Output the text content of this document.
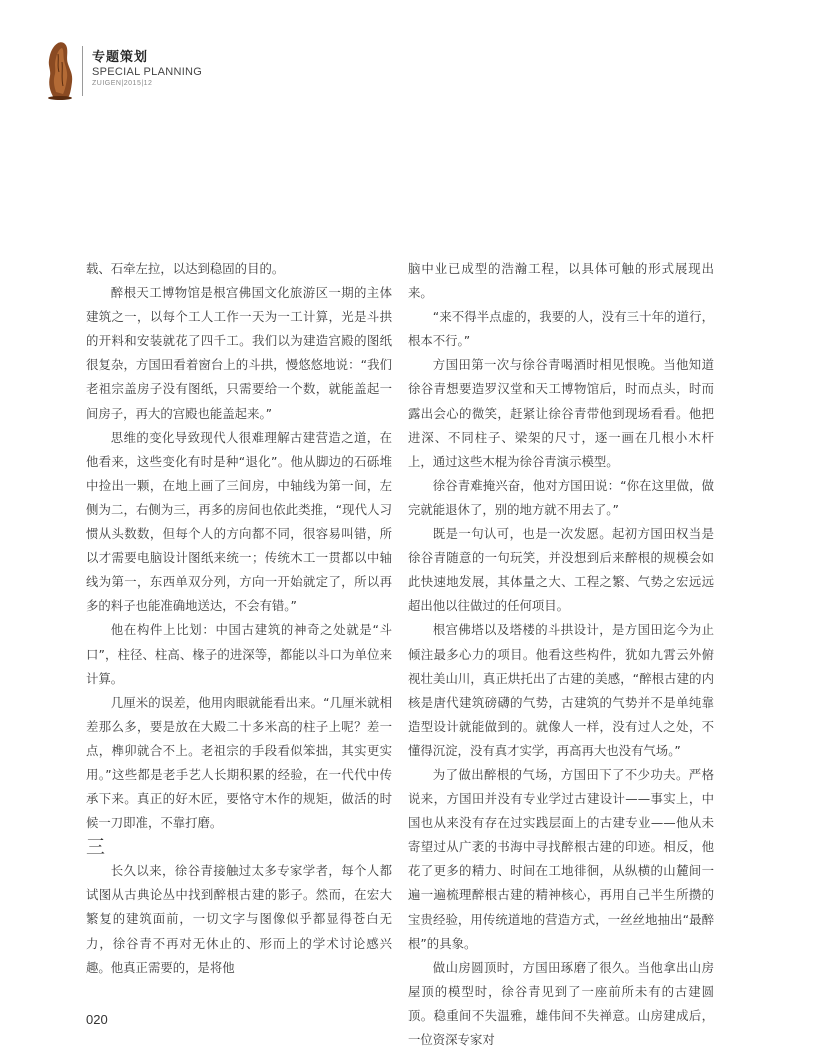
专题策划
SPECIAL PLANNING
ZUIGEN|2015|12

载、石牵左拉，以达到稳固的目的。

醉根天工博物馆是根宫佛国文化旅游区一期的主体建筑之一，以每个工人工作一天为一工计算，光是斗拱的开料和安装就花了四千工。我们以为建造宫殿的图纸很复杂，方国田看着窗台上的斗拱，慢悠悠地说：“我们老祖宗盖房子没有图纸，只需要给一个数，就能盖起一间房子，再大的宫殿也能盖起来。”

思维的变化导致现代人很难理解古建营造之道，在他看来，这些变化有时是种“退化”。他从脚边的石砾堆中捡出一颗，在地上画了三间房，中轴线为第一间，左侧为二，右侧为三，再多的房间也依此类推，“现代人习惯从头数数，但每个人的方向都不同，很容易叫错，所以才需要电脑设计图纸来统一；传统木工一贯都以中轴线为第一，东西单双分列，方向一开始就定了，所以再多的料子也能准确地送达，不会有错。”

他在构件上比划：中国古建筑的神奇之处就是“斗口”，柱径、柱高、椽子的进深等，都能以斗口为单位来计算。

几厘米的误差，他用肉眼就能看出来。“几厘米就相差那么多，要是放在大殿二十多米高的柱子上呢？差一点，榫卯就合不上。老祖宗的手段看似笨拙，其实更实用。”这些都是老手艺人长期积累的经验，在一代代中传承下来。真正的好木匠，要恪守木作的规矩，做活的时候一刀即准，不靠打磨。

三

长久以来，徐谷青接触过太多专家学者，每个人都试图从古典论丛中找到醉根古建的影子。然而，在宏大繁复的建筑面前，一切文字与图像似乎都显得苍白无力，徐谷青不再对无休止的、形而上的学术讨论感兴趣。他真正需要的，是将他

脑中业已成型的浩瀚工程，以具体可触的形式展现出来。

“来不得半点虚的，我要的人，没有三十年的道行，根本不行。”

方国田第一次与徐谷青喝酒时相见恨晚。当他知道徐谷青想要造罗汉堂和天工博物馆后，时而点头，时而露出会心的微笑，赶紧让徐谷青带他到现场看看。他把进深、不同柱子、梁架的尺寸，逐一画在几根小木杆上，通过这些木棍为徐谷青演示模型。

徐谷青难掩兴奋，他对方国田说：“你在这里做，做完就能退休了，别的地方就不用去了。”

既是一句认可，也是一次发愿。起初方国田权当是徐谷青随意的一句玩笑，并没想到后来醉根的规模会如此快速地发展，其体量之大、工程之繁、气势之宏远远超出他以往做过的任何项目。

根宫佛塔以及塔楼的斗拱设计，是方国田迄今为止倾注最多心力的项目。他看这些构件，犹如九霄云外俯视壮美山川，真正烘托出了古建的美感，“醉根古建的内核是唐代建筑磅礴的气势，古建筑的气势并不是单纯靠造型设计就能做到的。就像人一样，没有过人之处，不懂得沉淀，没有真才实学，再高再大也没有气场。”

为了做出醉根的气场，方国田下了不少功夫。严格说来，方国田并没有专业学过古建设计——事实上，中国也从来没有存在过实践层面上的古建专业——他从未寄望过从广袤的书海中寻找醉根古建的印迹。相反，他花了更多的精力、时间在工地徘徊，从纵横的山麓间一遍一遍梳理醉根古建的精神核心，再用自己半生所攒的宝贵经验，用传统道地的营造方式，一丝丝地抽出“最醉根”的具象。

做山房圆顶时，方国田琢磨了很久。当他拿出山房屋顶的模型时，徐谷青见到了一座前所未有的古建圆顶。稳重间不失温雅，雄伟间不失禅意。山房建成后，一位资深专家对

020
